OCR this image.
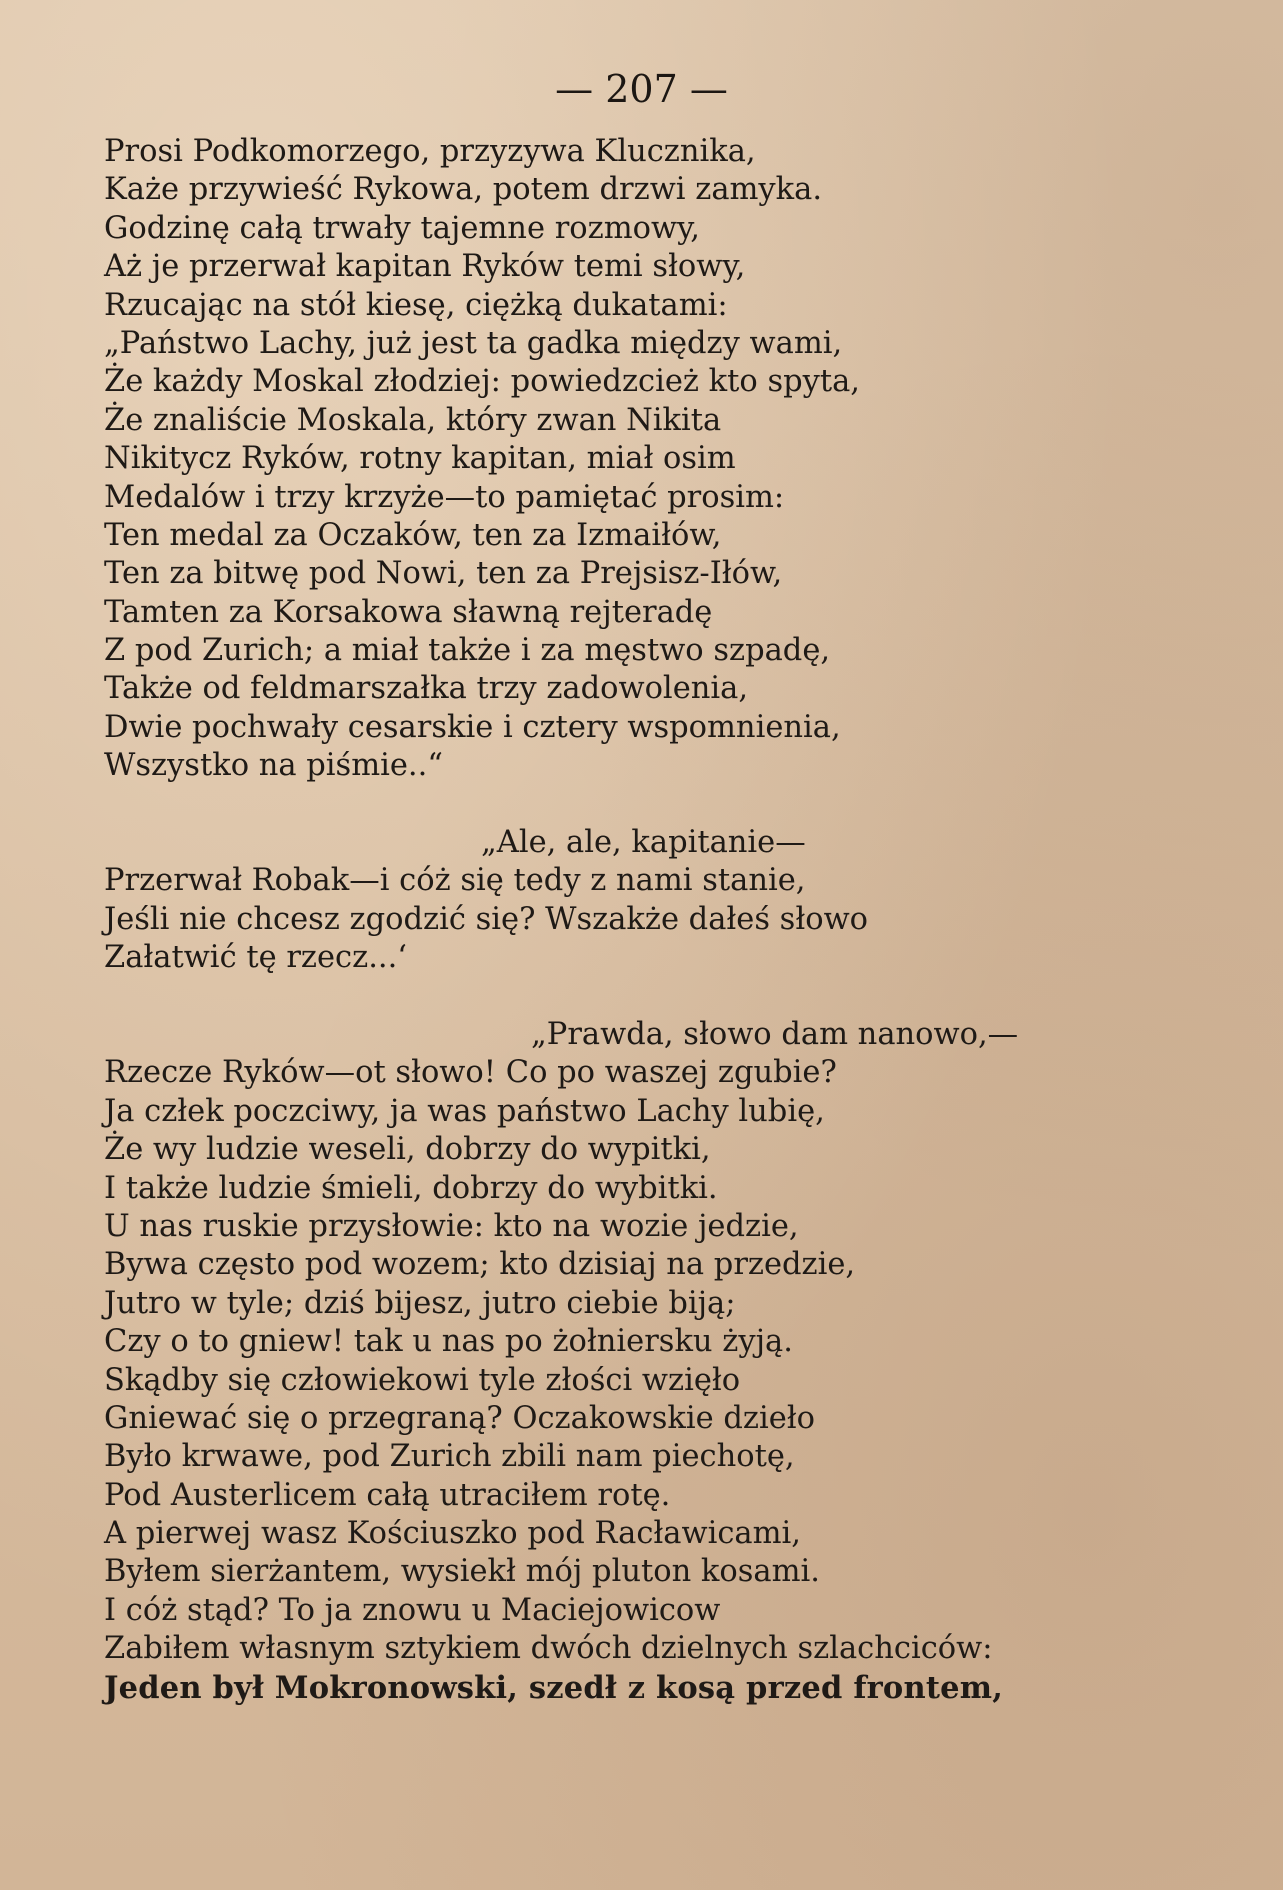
— 207 —
Prosi Podkomorzego, przyzywa Klucznika,
Każe przywieść Rykowa, potem drzwi zamyka.
Godzinę całą trwały tajemne rozmowy,
Aż je przerwał kapitan Ryków temi słowy,
Rzucając na stół kiesę, ciężką dukatami:
„Państwo Lachy, już jest ta gadka między wami,
Że każdy Moskal złodziej: powiedzcież kto spyta,
Że znaliście Moskala, który zwan Nikita
Nikitycz Ryków, rotny kapitan, miał osim
Medalów i trzy krzyże—to pamiętać prosim:
Ten medal za Oczaków, ten za Izmaiłów,
Ten za bitwę pod Nowi, ten za Prejsisz-Iłów,
Tamten za Korsakowa sławną rejteradę
Z pod Zurich; a miał także i za męstwo szpadę,
Także od feldmarszałka trzy zadowolenia,
Dwie pochwały cesarskie i cztery wspomnienia,
Wszystko na piśmie..“
„Ale, ale, kapitanie—
Przerwał Robak—i cóż się tedy z nami stanie,
Jeśli nie chcesz zgodzić się? Wszakże dałeś słowo
Załatwić tę rzecz...‘
„Prawda, słowo dam nanowo,—
Rzecze Ryków—ot słowo! Co po waszej zgubie?
Ja człek poczciwy, ja was państwo Lachy lubię,
Że wy ludzie weseli, dobrzy do wypitki,
I także ludzie śmieli, dobrzy do wybitki.
U nas ruskie przysłowie: kto na wozie jedzie,
Bywa często pod wozem; kto dzisiaj na przedzie,
Jutro w tyle; dziś bijesz, jutro ciebie biją;
Czy o to gniew! tak u nas po żołniersku żyją.
Skądby się człowiekowi tyle złości wzięło
Gniewać się o przegraną? Oczakowskie dzieło
Było krwawe, pod Zurich zbili nam piechotę,
Pod Austerlicem całą utraciłem rotę.
A pierwej wasz Kościuszko pod Racławicami,
Byłem sierżantem, wysiekł mój pluton kosami.
I cóż stąd? To ja znowu u Maciejowicow
Zabiłem własnym sztykiem dwóch dzielnych szlachciców:
Jeden był Mokronowski, szedł z kosą przed frontem,
